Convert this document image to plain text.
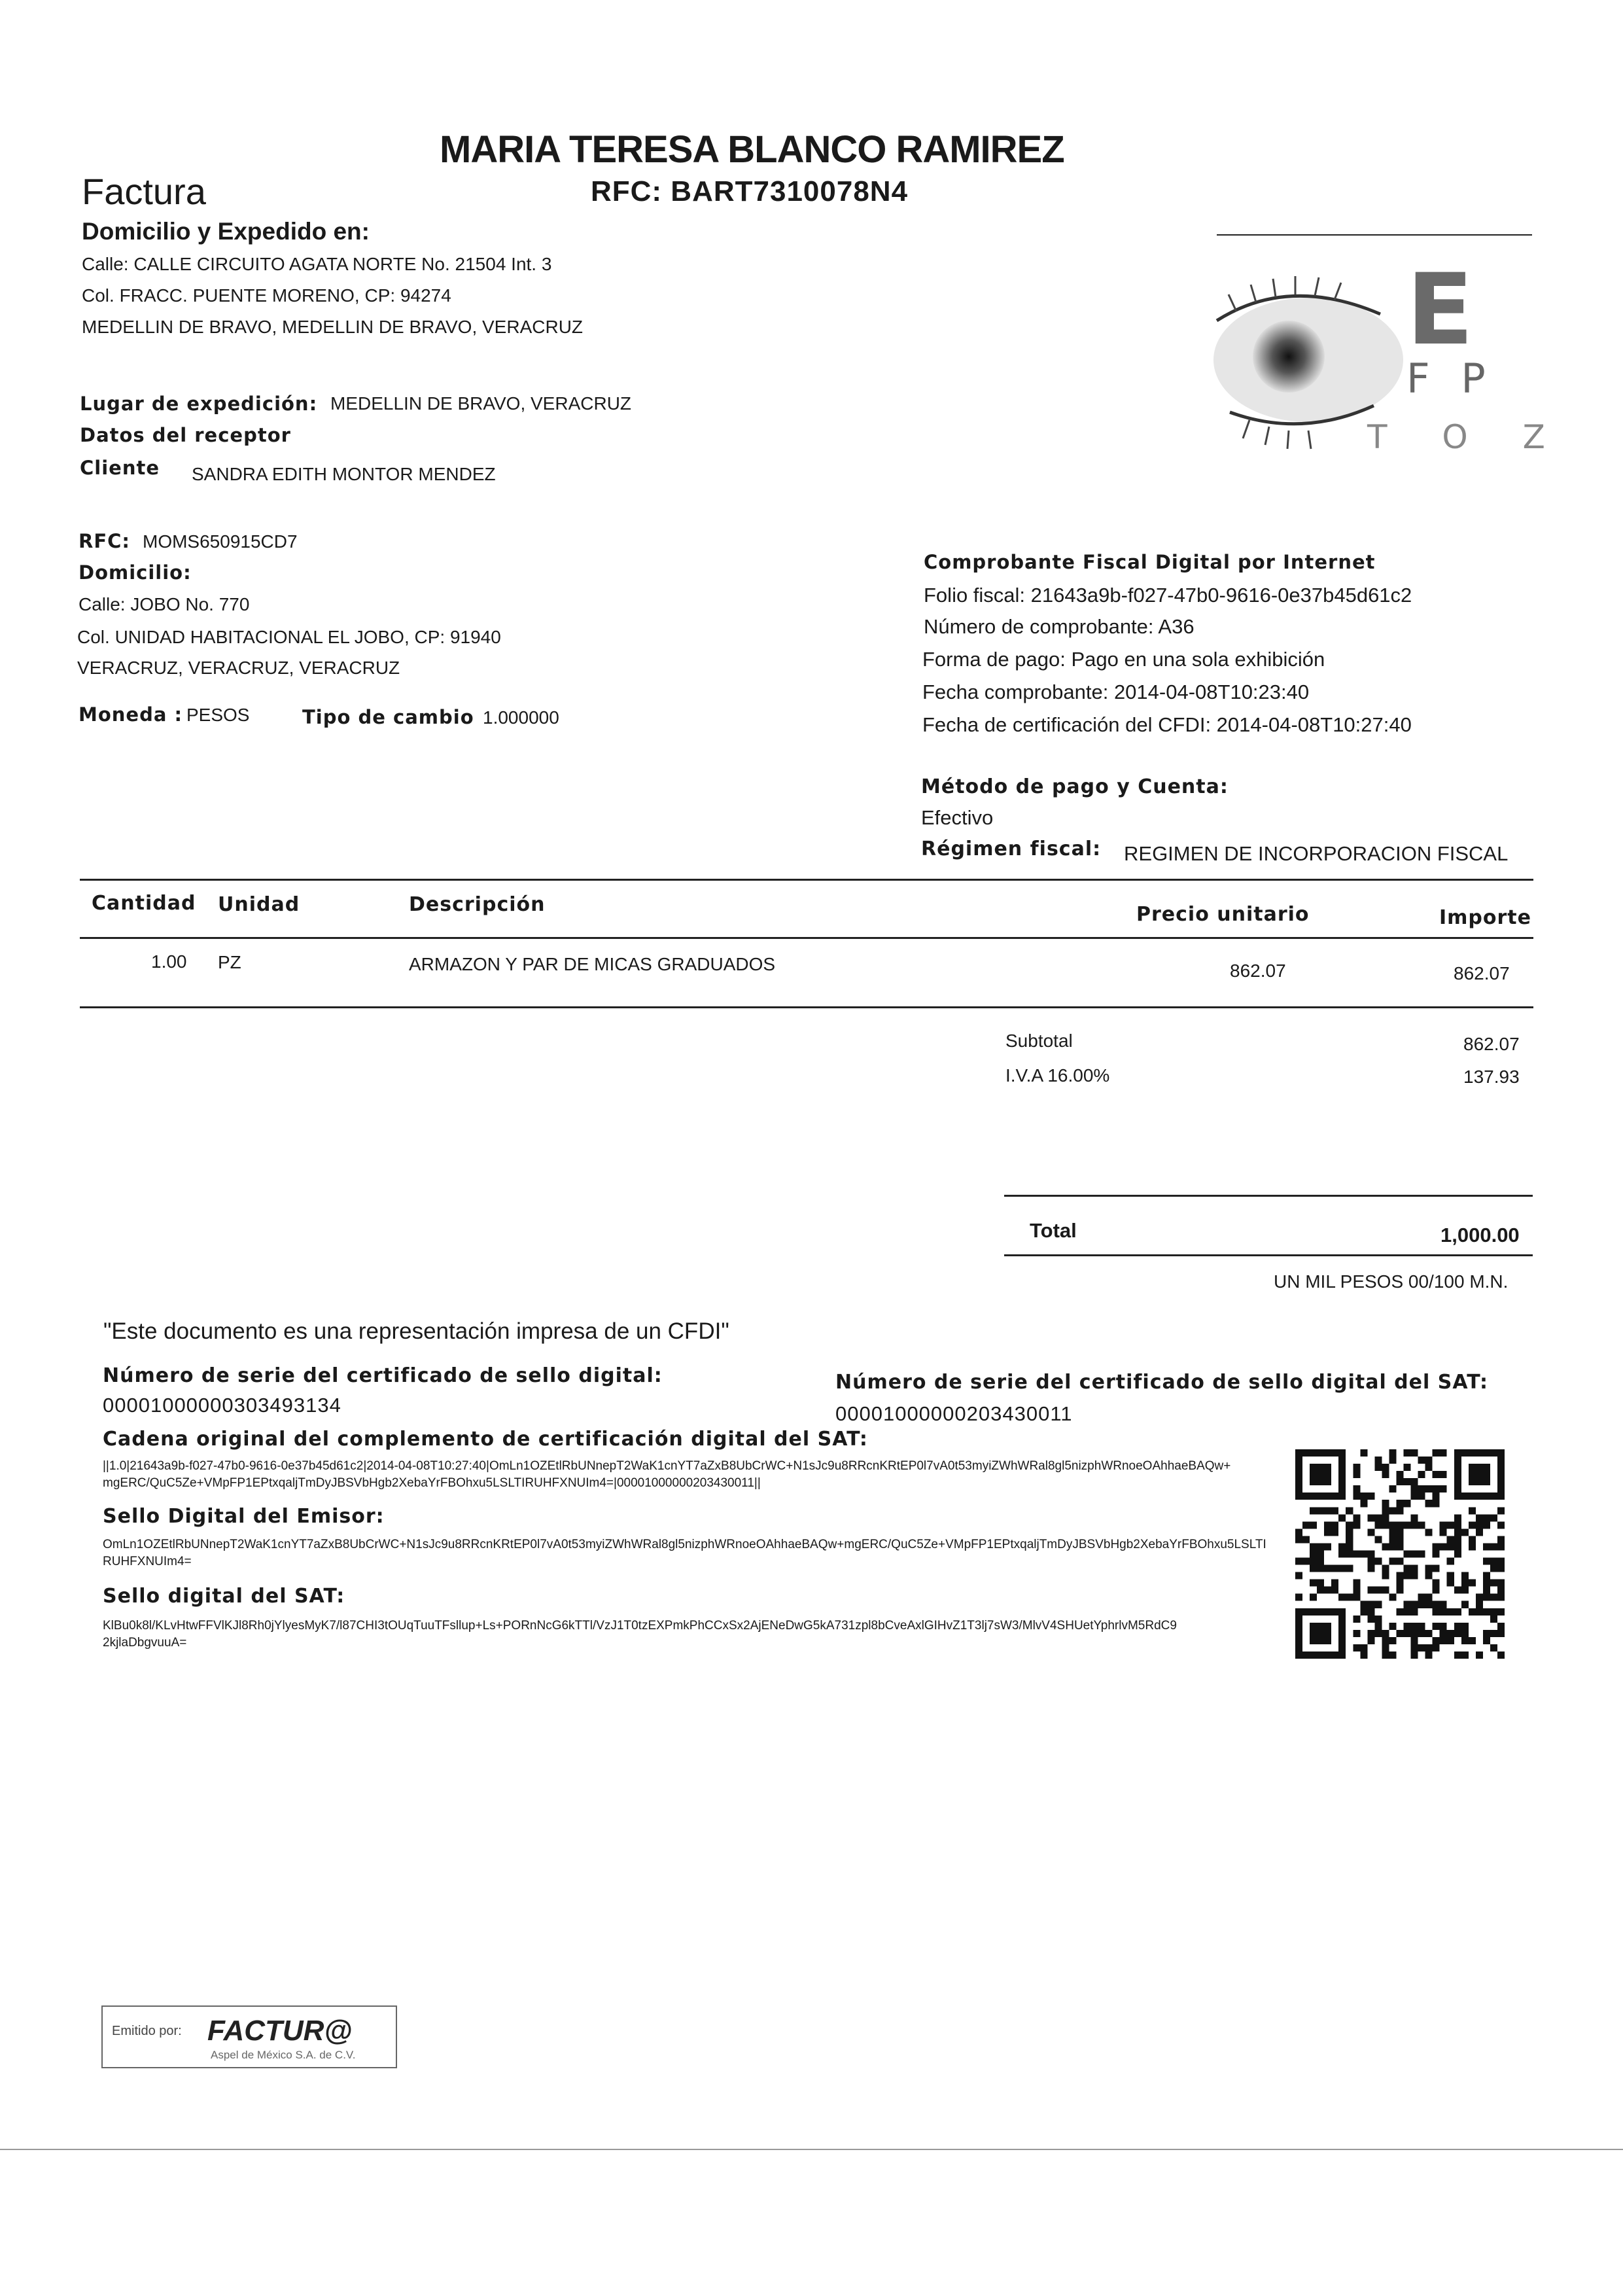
MARIA TERESA BLANCO RAMIREZ
Factura	RFC: BART7310078N4
Domicilio y Expedido en:
Calle: CALLE CIRCUITO AGATA NORTE No. 21504 Int. 3
Col. FRACC. PUENTE MORENO, CP: 94274
MEDELLIN DE BRAVO, MEDELLIN DE BRAVO, VERACRUZ	E
F P
T O Z
Lugar de expedición: MEDELLIN DE BRAVO, VERACRUZ
Datos del receptor
Cliente SANDRA EDITH MONTOR MENDEZ
RFC: MOMS650915CD7
Domicilio:
Calle: JOBO No. 770
Col. UNIDAD HABITACIONAL EL JOBO, CP: 91940
VERACRUZ, VERACRUZ, VERACRUZ
Moneda : PESOS	Tipo de cambio 1.000000
Comprobante Fiscal Digital por Internet
Folio fiscal: 21643a9b-f027-47b0-9616-0e37b45d61c2
Número de comprobante: A36
Forma de pago: Pago en una sola exhibición
Fecha comprobante: 2014-04-08T10:23:40
Fecha de certificación del CFDI: 2014-04-08T10:27:40
Método de pago y Cuenta:
Efectivo
Régimen fiscal: REGIMEN DE INCORPORACION FISCAL
Cantidad Unidad	Descripción	Precio unitario	Importe
1.00 PZ	ARMAZON Y PAR DE MICAS GRADUADOS	862.07	862.07
Subtotal	862.07
I.V.A 16.00%	137.93
Total	1,000.00
UN MIL PESOS 00/100 M.N.
"Este documento es una representación impresa de un CFDI"
Número de serie del certificado de sello digital:
00001000000303493134
Número de serie del certificado de sello digital del SAT:
00001000000203430011
Cadena original del complemento de certificación digital del SAT:
||1.0|21643a9b-f027-47b0-9616-0e37b45d61c2|2014-04-08T10:27:40|OmLn1OZEtlRbUNnepT2WaK1cnYT7aZxB8UbCrWC+N1sJc9u8RRcnKRtEP0l7vA0t53myiZWhWRal8gl5nizphWRnoeOAhhaeBAQw+mgERC/QuC5Ze+VMpFP1EPtxqaljTmDyJBSVbHgb2XebaYrFBOhxu5LSLTIRUHFXNUIm4=|00001000000203430011||
Sello Digital del Emisor:
OmLn1OZEtlRbUNnepT2WaK1cnYT7aZxB8UbCrWC+N1sJc9u8RRcnKRtEP0l7vA0t53myiZWhWRal8gl5nizphWRnoeOAhhaeBAQw+mgERC/QuC5Ze+VMpFP1EPtxqaljTmDyJBSVbHgb2XebaYrFBOhxu5LSLTIRUHFXNUIm4=
Sello digital del SAT:
KlBu0k8l/KLvHtwFFVlKJl8Rh0jYlyesMyK7/l87CHI3tOUqTuuTFsllup+Ls+PORnNcG6kTTl/VzJ1T0tzEXPmkPhCCxSx2AjENeDwG5kA731zpl8bCveAxlGIHvZ1T3lj7sW3/MlvV4SHUetYphrlvM5RdC92kjlaDbgvuuA=
Emitido por: FACTUR@
Aspel de México S.A. de C.V.
